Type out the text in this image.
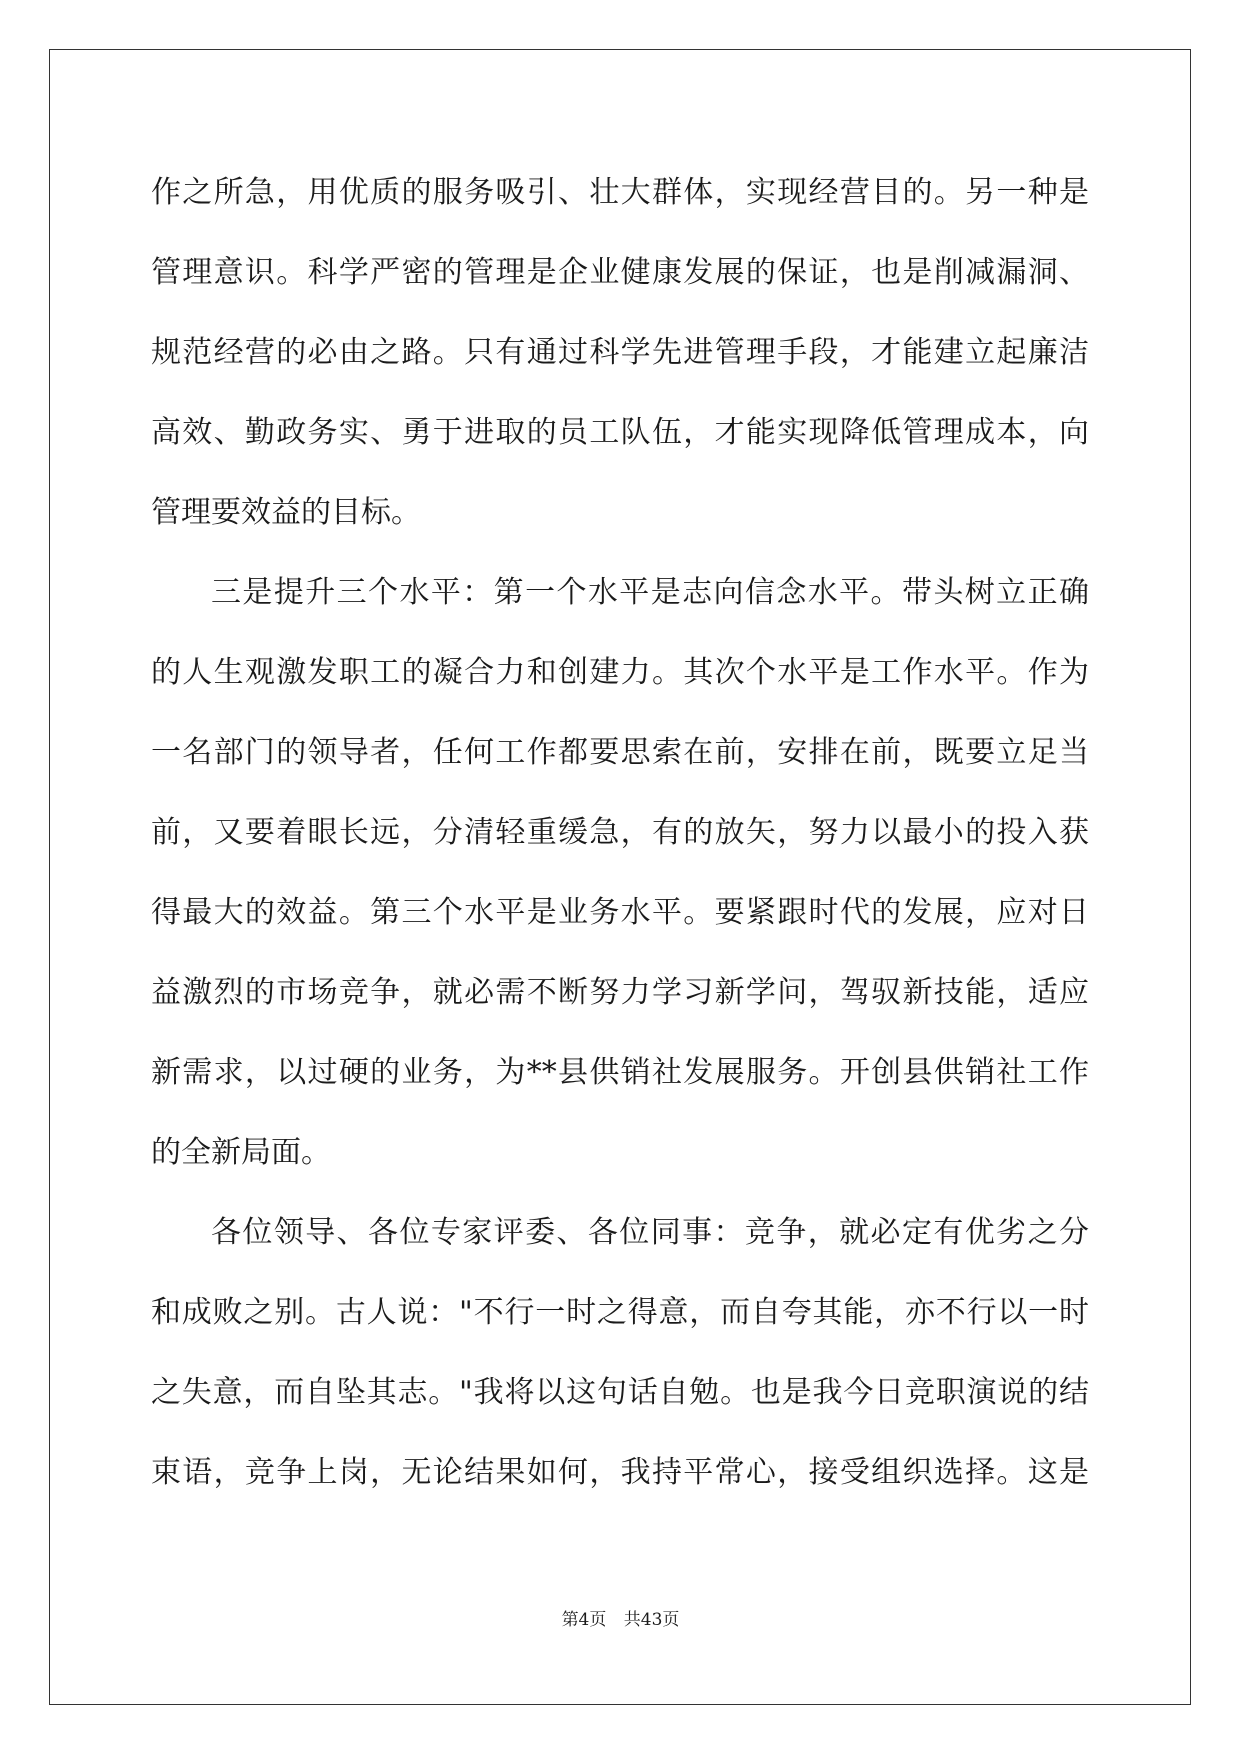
作之所急，用优质的服务吸引、壮大群体，实现经营目的。另一种是
管理意识。科学严密的管理是企业健康发展的保证，也是削减漏洞、
规范经营的必由之路。只有通过科学先进管理手段，才能建立起廉洁
高效、勤政务实、勇于进取的员工队伍，才能实现降低管理成本，向
管理要效益的目标。
三是提升三个水平：第一个水平是志向信念水平。带头树立正确
的人生观激发职工的凝合力和创建力。其次个水平是工作水平。作为
一名部门的领导者，任何工作都要思索在前，安排在前，既要立足当
前，又要着眼长远，分清轻重缓急，有的放矢，努力以最小的投入获
得最大的效益。第三个水平是业务水平。要紧跟时代的发展，应对日
益激烈的市场竞争，就必需不断努力学习新学问，驾驭新技能，适应
新需求，以过硬的业务，为**县供销社发展服务。开创县供销社工作
的全新局面。
各位领导、各位专家评委、各位同事：竞争，就必定有优劣之分
和成败之别。古人说："不行一时之得意，而自夸其能，亦不行以一时
之失意，而自坠其志。"我将以这句话自勉。也是我今日竞职演说的结
束语，竞争上岗，无论结果如何，我持平常心，接受组织选择。这是
第4页 共43页
